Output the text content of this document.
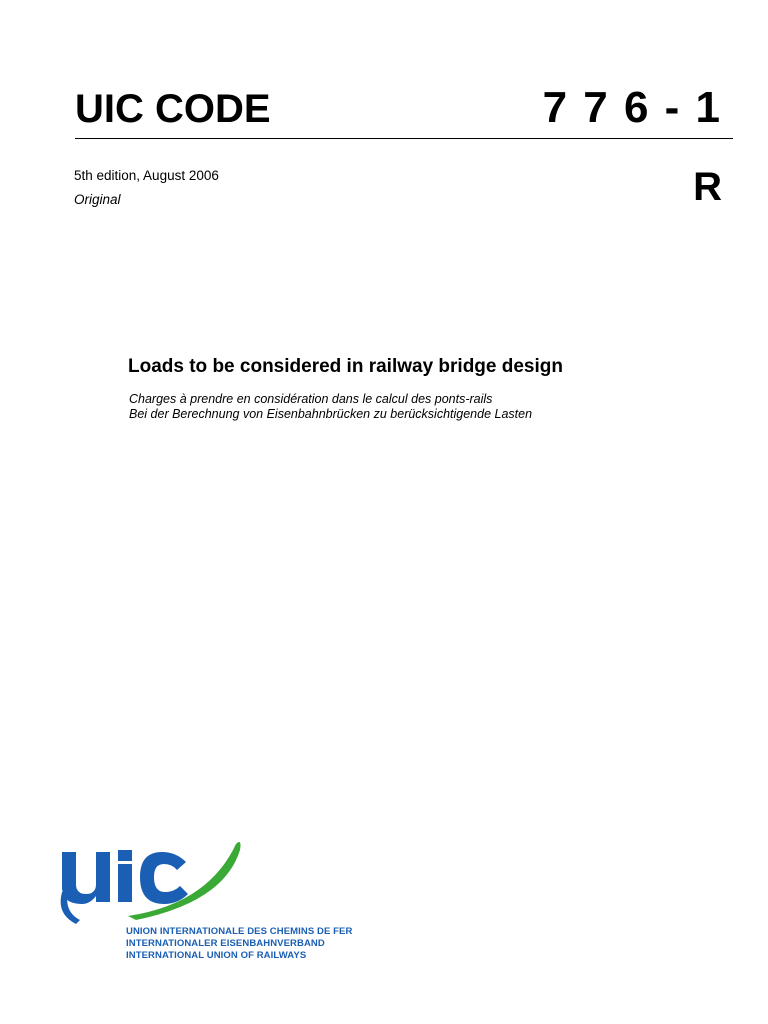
UIC CODE	7 7 6 - 1
5th edition, August 2006
Original	R
Loads to be considered in railway bridge design
Charges à prendre en considération dans le calcul des ponts-rails
Bei der Berechnung von Eisenbahnbrücken zu berücksichtigende Lasten
UNION INTERNATIONALE DES CHEMINS DE FER
INTERNATIONALER EISENBAHNVERBAND
INTERNATIONAL UNION OF RAILWAYS
